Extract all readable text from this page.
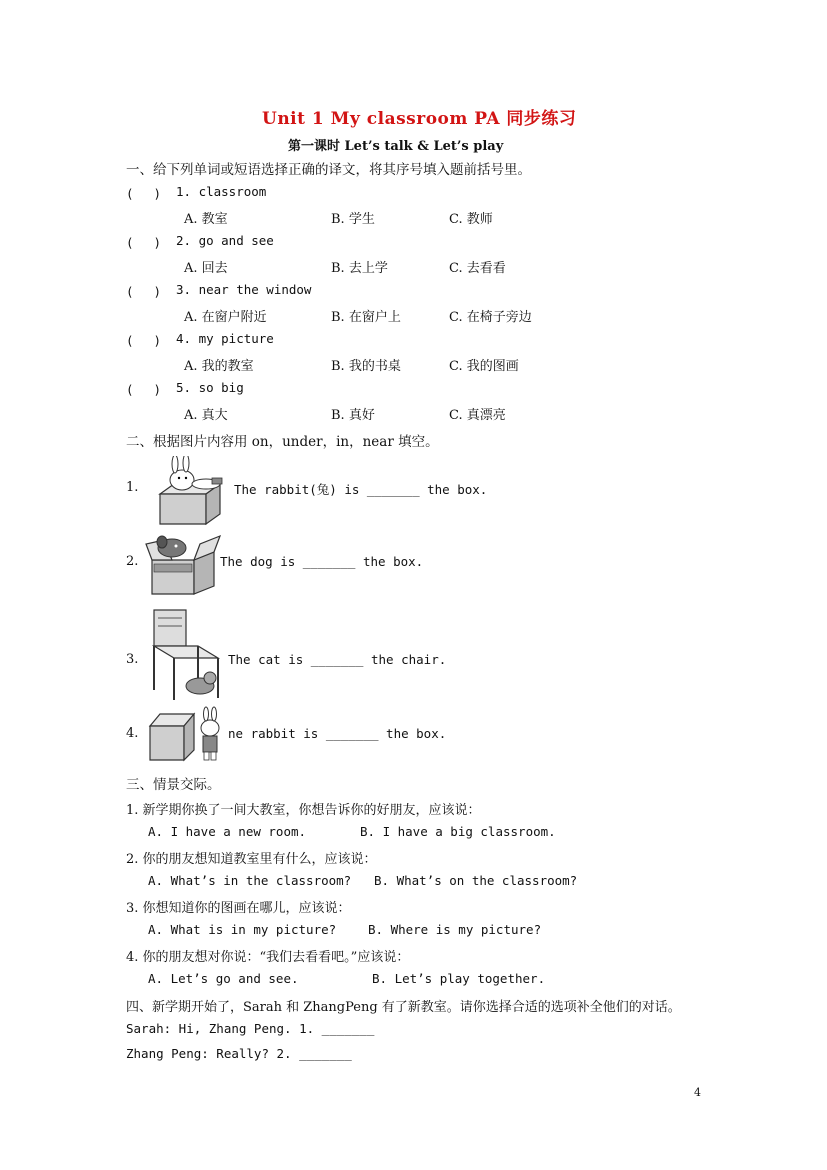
Unit 1 My classroom PA 同步练习
第一课时 Let’s talk & Let’s play
一、给下列单词或短语选择正确的译文，将其序号填入题前括号里。
(　 ) 1. classroom
A. 教室	B. 学生	C. 教师
(　 ) 2. go and see
A. 回去	B. 去上学	C. 去看看
(　 ) 3. near the window
A. 在窗户附近	B. 在窗户上	C. 在椅子旁边
(　 ) 4. my picture
A. 我的教室	B. 我的书桌	C. 我的图画
(　 ) 5. so big
A. 真大	B. 真好	C. 真漂亮
二、根据图片内容用 on，under，in，near 填空。
1.	The rabbit(兔) is _______ the box.
2.	The dog is _______ the box.
3.	The cat is _______ the chair.
4.	ne rabbit is _______ the box.
三、情景交际。
1. 新学期你换了一间大教室，你想告诉你的好朋友，应该说：
A. I have a new room.	B. I have a big classroom.
2. 你的朋友想知道教室里有什么，应该说：
A. What’s in the classroom? B. What’s on the classroom?
3. 你想知道你的图画在哪儿，应该说：
A. What is in my picture?	B. Where is my picture?
4. 你的朋友想对你说：“我们去看看吧。”应该说：
A. Let’s go and see.	B. Let’s play together.
四、新学期开始了，Sarah 和 ZhangPeng 有了新教室。请你选择合适的选项补全他们的对话。
Sarah: Hi, Zhang Peng. 1. _______
Zhang Peng: Really? 2. _______
4
